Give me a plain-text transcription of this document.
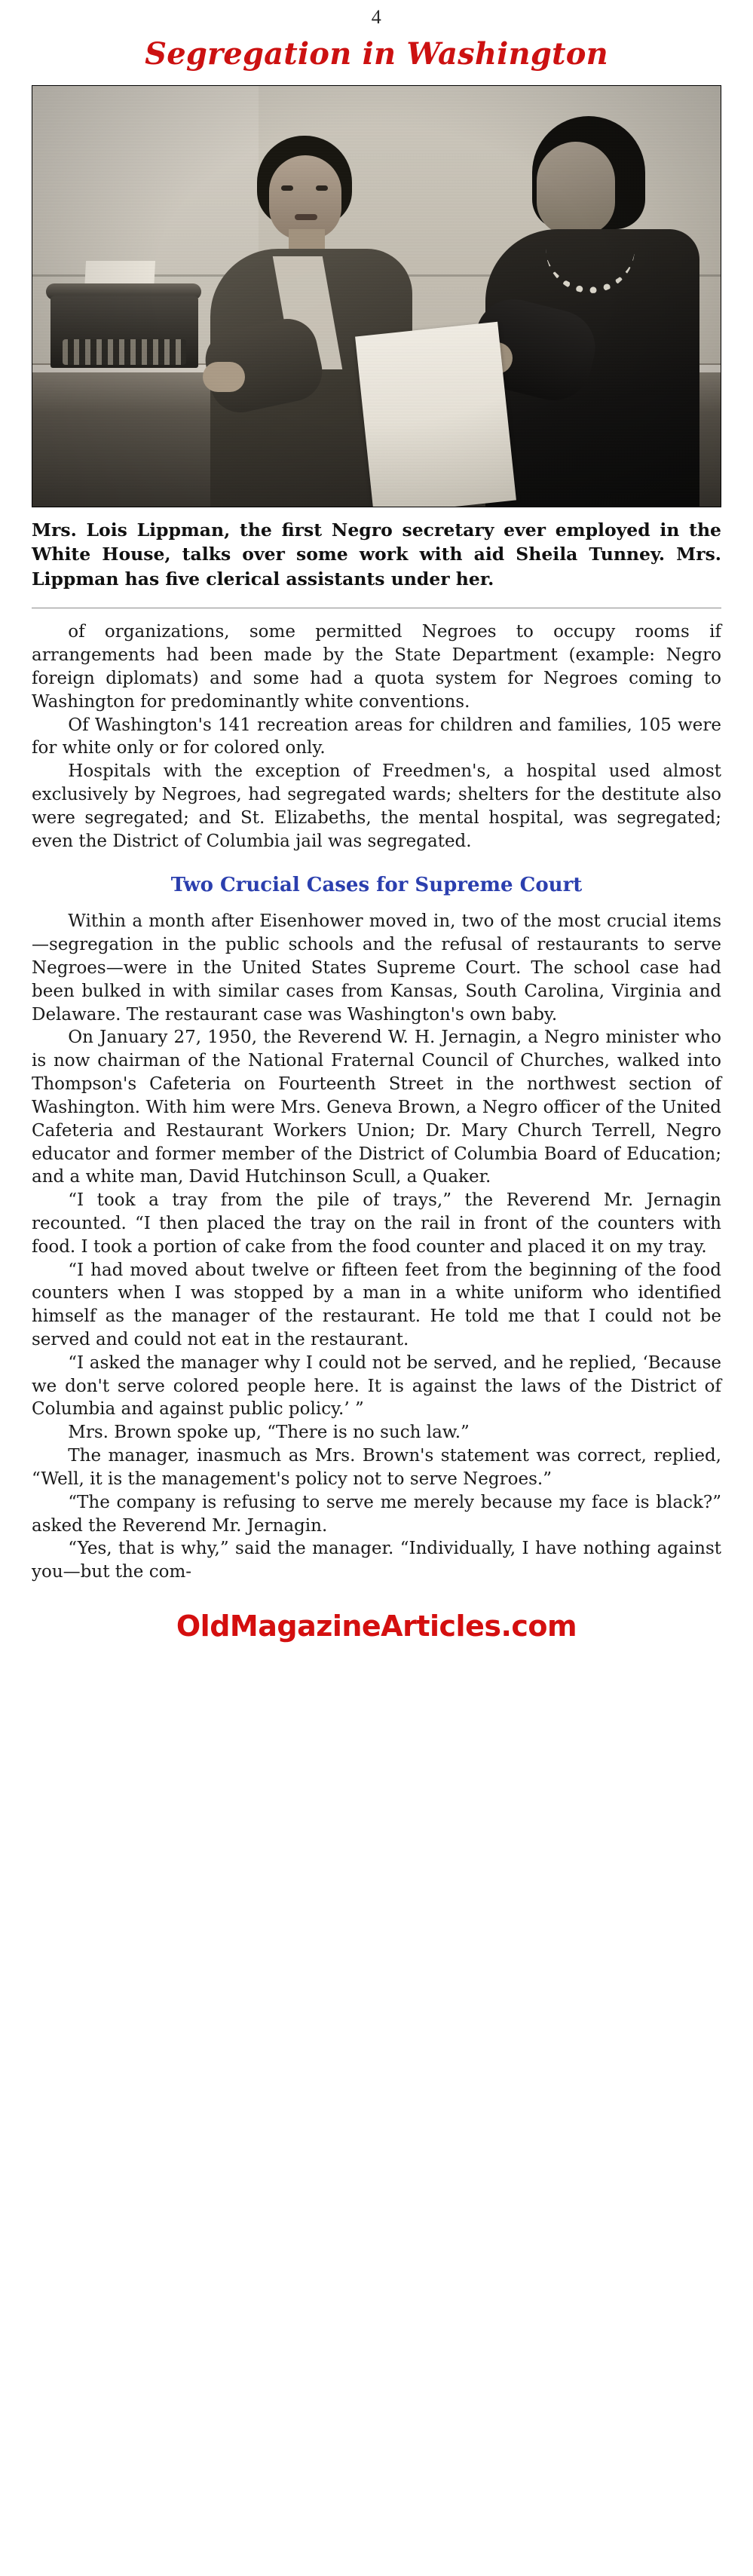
4
Segregation in Washington
Mrs. Lois Lippman, the first Negro secretary ever employed in the White House, talks over some work with aid Sheila Tunney. Mrs. Lippman has five clerical assistants under her.

of organizations, some permitted Negroes to occupy rooms if arrangements had been made by the State Department (example: Negro foreign diplomats) and some had a quota system for Negroes coming to Washington for predominantly white conventions.

Of Washington's 141 recreation areas for children and families, 105 were for white only or for colored only.

Hospitals with the exception of Freedmen's, a hospital used almost exclusively by Negroes, had segregated wards; shelters for the destitute also were segregated; and St. Elizabeths, the mental hospital, was segregated; even the District of Columbia jail was segregated.

Two Crucial Cases for Supreme Court

Within a month after Eisenhower moved in, two of the most crucial items—segregation in the public schools and the refusal of restaurants to serve Negroes—were in the United States Supreme Court. The school case had been bulked in with similar cases from Kansas, South Carolina, Virginia and Delaware. The restaurant case was Washington's own baby.

On January 27, 1950, the Reverend W. H. Jernagin, a Negro minister who is now chairman of the National Fraternal Council of Churches, walked into Thompson's Cafeteria on Fourteenth Street in the northwest section of Washington. With him were Mrs. Geneva Brown, a Negro officer of the United Cafeteria and Restaurant Workers Union; Dr. Mary Church Terrell, Negro educator and former member of the District of Columbia Board of Education; and a white man, David Hutchinson Scull, a Quaker.

“I took a tray from the pile of trays,” the Reverend Mr. Jernagin recounted. “I then placed the tray on the rail in front of the counters with food. I took a portion of cake from the food counter and placed it on my tray.

“I had moved about twelve or fifteen feet from the beginning of the food counters when I was stopped by a man in a white uniform who identified himself as the manager of the restaurant. He told me that I could not be served and could not eat in the restaurant.

“I asked the manager why I could not be served, and he replied, ‘Because we don't serve colored people here. It is against the laws of the District of Columbia and against public policy.’ ”

Mrs. Brown spoke up, “There is no such law.”

The manager, inasmuch as Mrs. Brown's statement was correct, replied, “Well, it is the management's policy not to serve Negroes.”

“The company is refusing to serve me merely because my face is black?” asked the Reverend Mr. Jernagin.

“Yes, that is why,” said the manager. “Individually, I have nothing against you—but the com-

OldMagazineArticles.com
